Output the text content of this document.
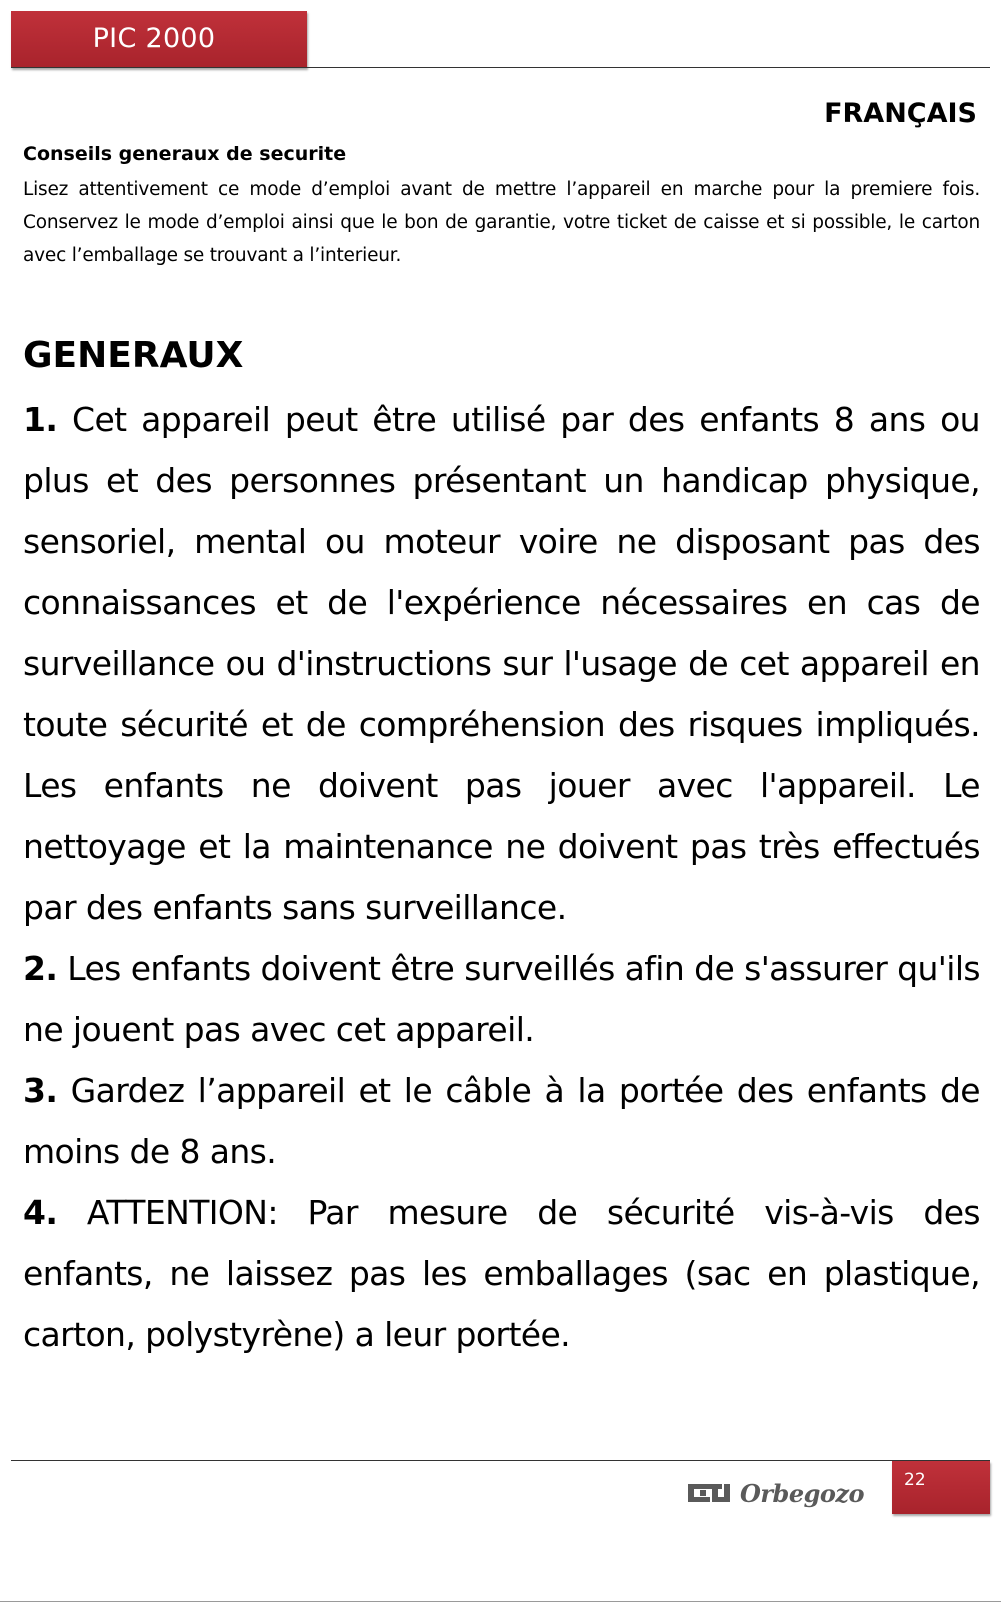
PIC 2000
FRANÇAIS
Conseils generaux de securite
Lisez attentivement ce mode d’emploi avant de mettre l’appareil en marche pour la premiere fois. Conservez le mode d’emploi ainsi que le bon de garantie, votre ticket de caisse et si possible, le carton avec l’emballage se trouvant a l’interieur.
GENERAUX

1. Cet appareil peut être utilisé par des enfants 8 ans ou plus et des personnes présentant un handicap physique, sensoriel, mental ou moteur voire ne disposant pas des connaissances et de l'expérience nécessaires en cas de surveillance ou d'instructions sur l'usage de cet appareil en toute sécurité et de compréhension des risques impliqués. Les enfants ne doivent pas jouer avec l'appareil. Le nettoyage et la maintenance ne doivent pas très effectués par des enfants sans surveillance.

2. Les enfants doivent être surveillés afin de s'assurer qu'ils ne jouent pas avec cet appareil.

3. Gardez l’appareil et le câble à la portée des enfants de moins de 8 ans.

4. ATTENTION: Par mesure de sécurité vis-à-vis des enfants, ne laissez pas les emballages (sac en plastique, carton, polystyrène) a leur portée.

Orbegozo 22
